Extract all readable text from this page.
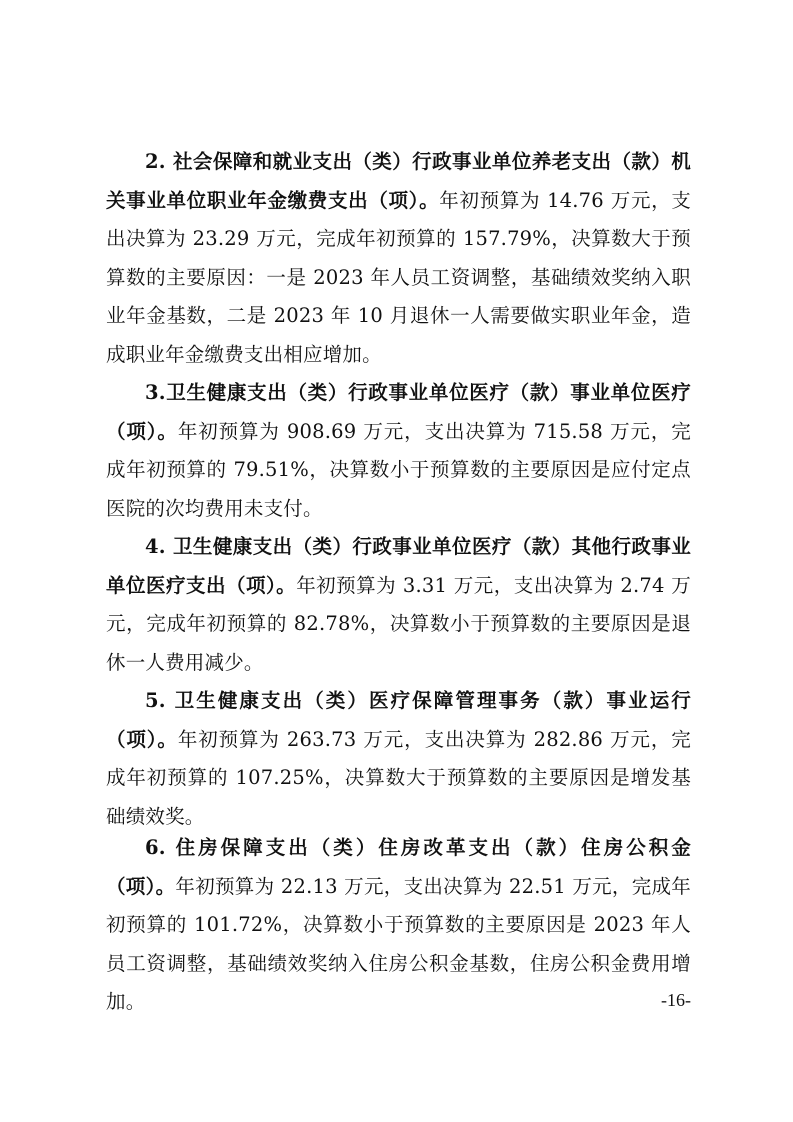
2. 社会保障和就业支出（类）行政事业单位养老支出（款）机关事业单位职业年金缴费支出（项）。年初预算为 14.76 万元，支出决算为 23.29 万元，完成年初预算的 157.79%，决算数大于预算数的主要原因：一是 2023 年人员工资调整，基础绩效奖纳入职业年金基数，二是 2023 年 10 月退休一人需要做实职业年金，造成职业年金缴费支出相应增加。

3.卫生健康支出（类）行政事业单位医疗（款）事业单位医疗（项）。年初预算为 908.69 万元，支出决算为 715.58 万元，完成年初预算的 79.51%，决算数小于预算数的主要原因是应付定点医院的次均费用未支付。

4. 卫生健康支出（类）行政事业单位医疗（款）其他行政事业单位医疗支出（项）。年初预算为 3.31 万元，支出决算为 2.74 万元，完成年初预算的 82.78%，决算数小于预算数的主要原因是退休一人费用减少。

5. 卫生健康支出（类）医疗保障管理事务（款）事业运行（项）。年初预算为 263.73 万元，支出决算为 282.86 万元，完成年初预算的 107.25%，决算数大于预算数的主要原因是增发基础绩效奖。

6. 住房保障支出（类）住房改革支出（款）住房公积金（项）。年初预算为 22.13 万元，支出决算为 22.51 万元，完成年初预算的 101.72%，决算数小于预算数的主要原因是 2023 年人员工资调整，基础绩效奖纳入住房公积金基数，住房公积金费用增加。	-16-
